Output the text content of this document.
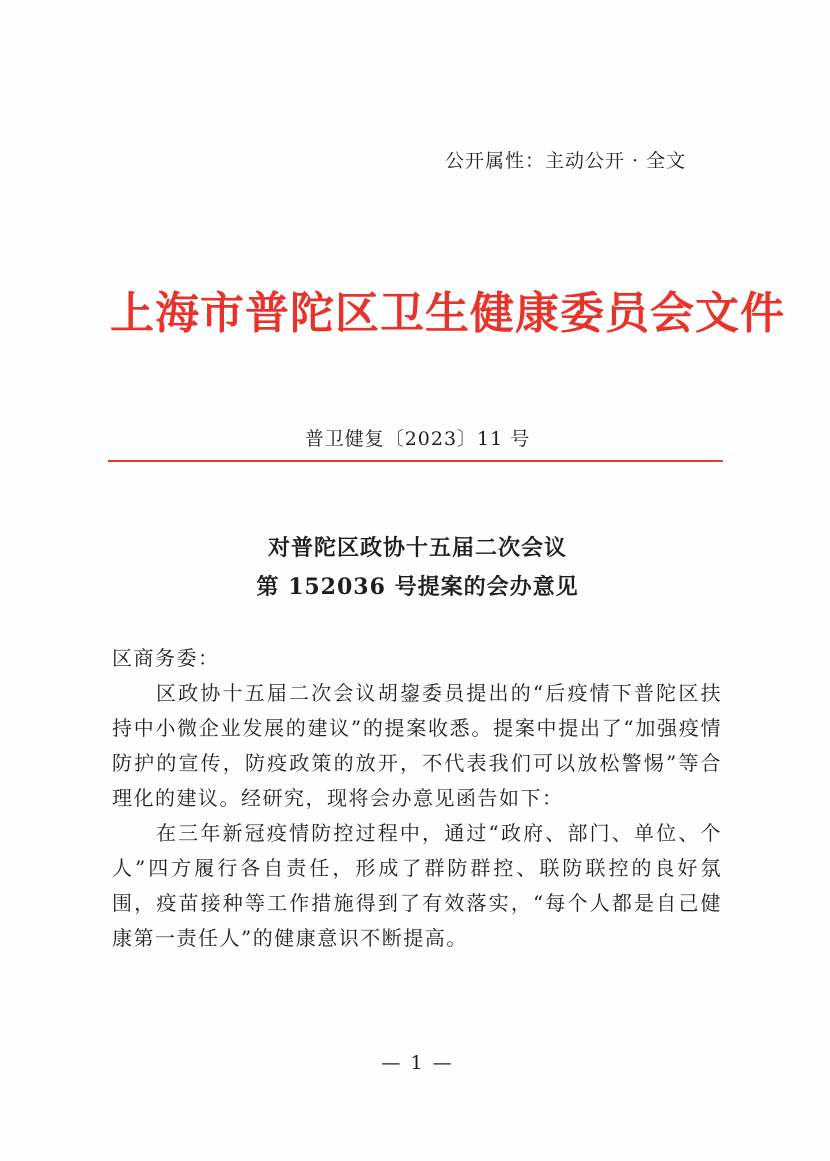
公开属性：主动公开 · 全文
上海市普陀区卫生健康委员会文件
普卫健复〔2023〕11 号
对普陀区政协十五届二次会议
第 152036 号提案的会办意见

区商务委：

区政协十五届二次会议胡鋆委员提出的“后疫情下普陀区扶持中小微企业发展的建议”的提案收悉。提案中提出了“加强疫情防护的宣传，防疫政策的放开，不代表我们可以放松警惕”等合理化的建议。经研究，现将会办意见函告如下：

在三年新冠疫情防控过程中，通过“政府、部门、单位、个人”四方履行各自责任，形成了群防群控、联防联控的良好氛围，疫苗接种等工作措施得到了有效落实，“每个人都是自己健康第一责任人”的健康意识不断提高。

— 1 —
